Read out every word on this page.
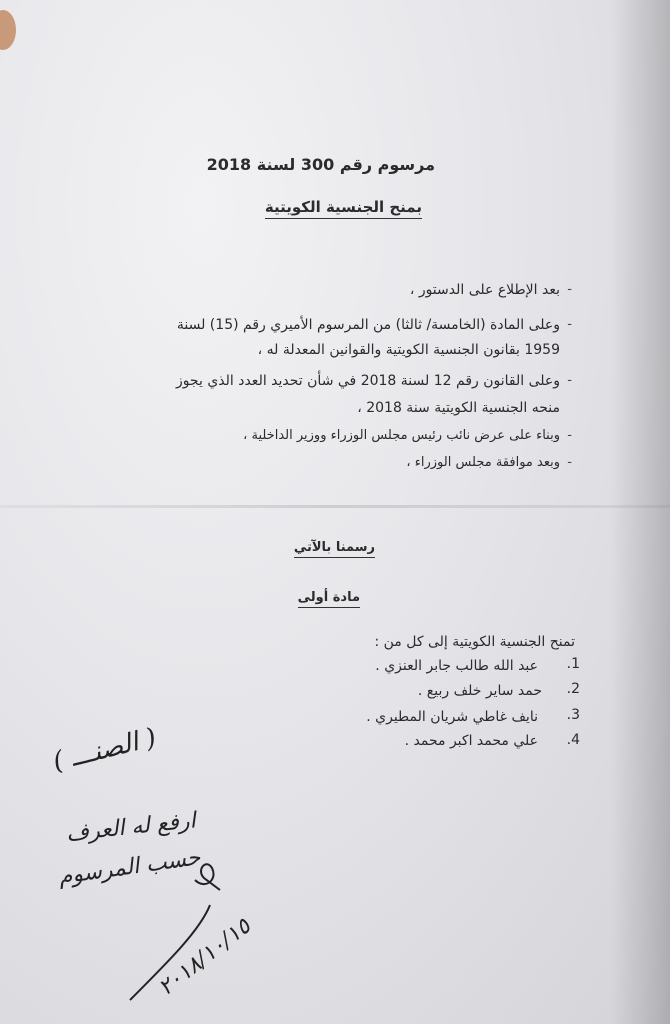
مرسوم رقم 300 لسنة 2018
بمنح الجنسية الكويتية
-
بعد الإطلاع على الدستور ،
-
وعلى المادة (الخامسة/ ثالثا) من المرسوم الأميري رقم (15) لسنة
1959 بقانون الجنسية الكويتية والقوانين المعدلة له ،
-
وعلى القانون رقم 12 لسنة 2018 في شأن تحديد العدد الذي يجوز
منحه الجنسية الكويتية سنة 2018 ،
-
وبناء على عرض نائب رئيس مجلس الوزراء ووزير الداخلية ،
-
وبعد موافقة مجلس الوزراء ،
رسمنا بالآتي
مادة أولى
تمنح الجنسية الكويتية إلى كل من :
1.
عبد الله طالب جابر العنزي .
2.
حمد ساير خلف ربيع .
3.
نايف غاطي شريان المطيري .
4.
علي محمد اكبر محمد .
( الصنـــ )
ارفع له العرف
حسب المرسوم
٢٠١٨/١٠/١٥
